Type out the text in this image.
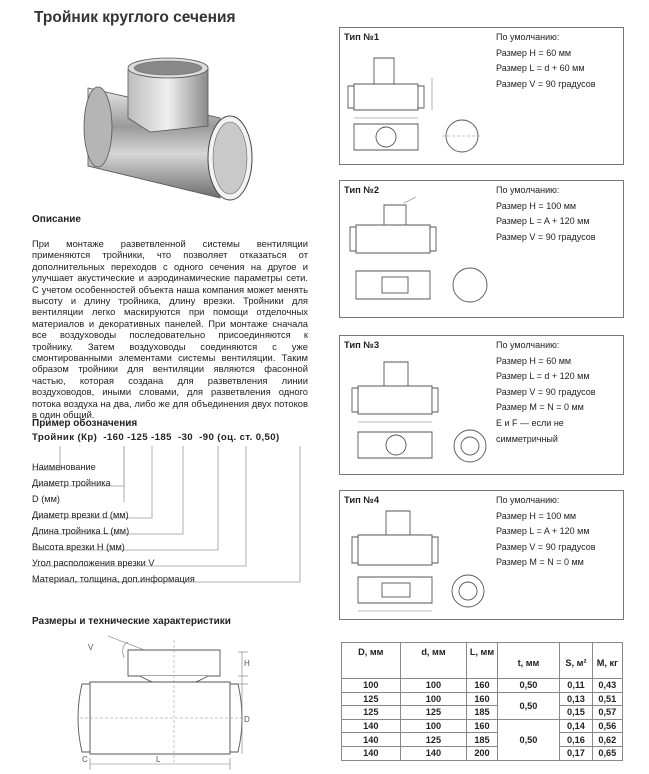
Тройник круглого сечения
Описание
При монтаже разветвленной системы вентиляции применяются тройники, что позволяет отказаться от дополнительных переходов с одного сечения на другое и улучшает акустические и аэродинамические параметры сети. С учетом особенностей объекта наша компания может менять высоту и длину тройника, длину врезки. Тройники для вентиляции легко маскируются при помощи отделочных материалов и декоративных панелей. При монтаже сначала все воздуховоды последовательно присоединяются к тройнику. Затем воздуховоды соединяются с уже смонтированными элементами системы вентиляции. Таким образом тройники для вентиляции являются фасонной частью, которая создана для разветвления линии воздуховодов, иными словами, для разветвления одного потока воздуха на два, либо же для объединения двух потоков в один общий.
Пример обозначения
Тройник (Кр)  -160 -125 -185  -30  -90 (оц. ст. 0,50)
Наименование
Диаметр тройника
D (мм)
Диаметр врезки d (мм)
Длина тройника L (мм)
Высота врезки H (мм)
Угол расположения врезки V
Материал, толщина, доп.информация
Размеры и технические характеристики
V
L
C
H
D
Тип №1	По умолчанию:
Размер H = 60 мм
Размер L = d + 60 мм
Размер V = 90 градусов
Тип №2	По умолчанию:
Размер H = 100 мм
Размер L = A + 120 мм
Размер V = 90 градусов
Тип №3	По умолчанию:
Размер H = 60 мм
Размер L = d + 120 мм
Размер V = 90 градусов
Размер M = N = 0 мм
E и F — если не
симметричный
Тип №4	По умолчанию:
Размер H = 100 мм
Размер L = A + 120 мм
Размер V = 90 градусов
Размер M = N = 0 мм
D, мм	d, мм	L, мм	t, мм	S, м²	M, кг
100	100	160	0,50	0,11	0,43
125	100	160	0,50	0,13	0,51
125	125	185		0,15	0,57
140	100	160	0,50	0,14	0,56
140	125	185		0,16	0,62
140	140	200		0,17	0,65
